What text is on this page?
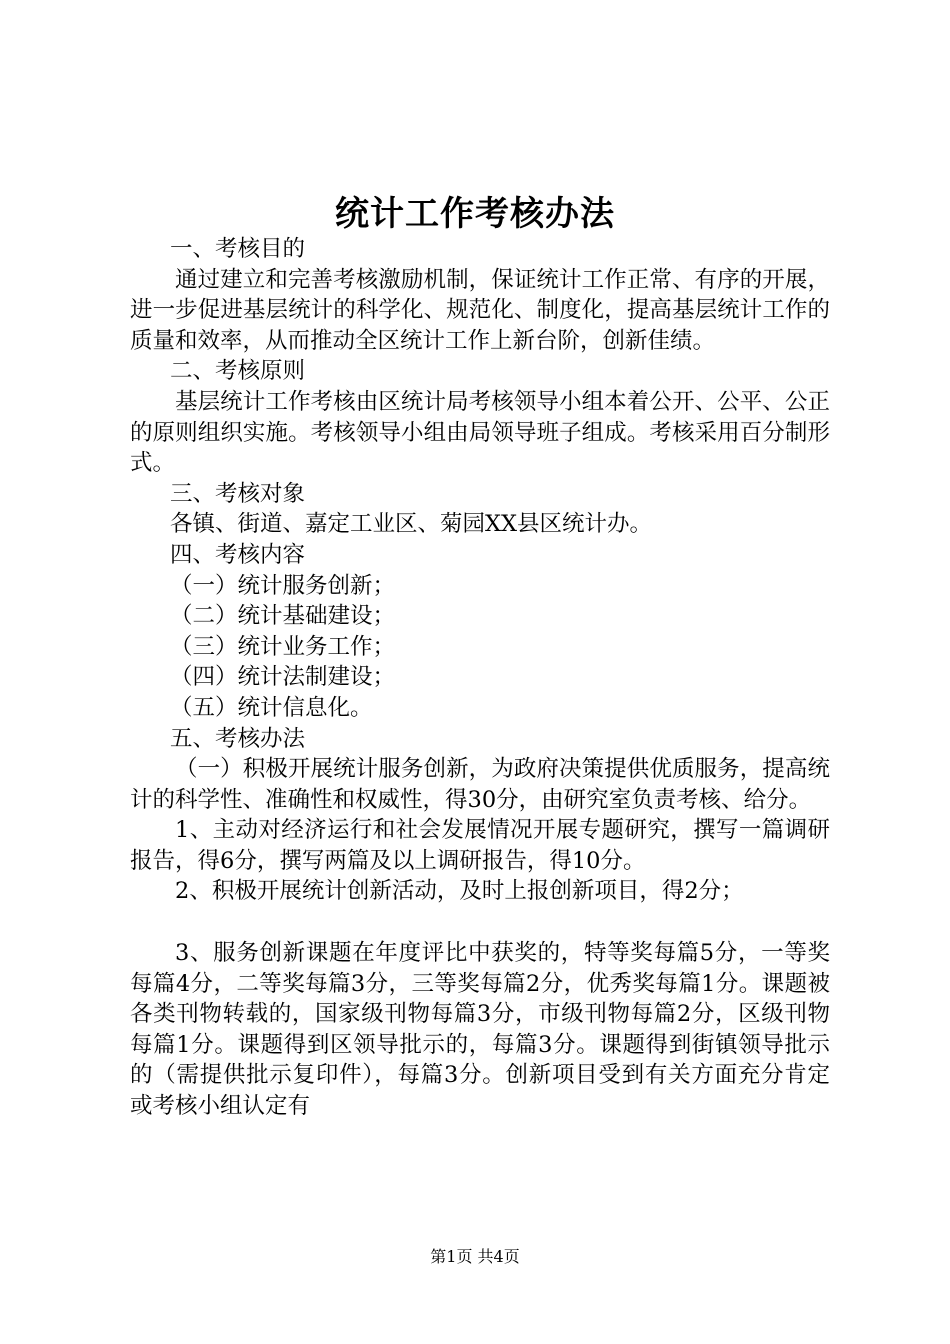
统计工作考核办法

一、考核目的

通过建立和完善考核激励机制，保证统计工作正常、有序的开展，进一步促进基层统计的科学化、规范化、制度化，提高基层统计工作的质量和效率，从而推动全区统计工作上新台阶，创新佳绩。

二、考核原则

基层统计工作考核由区统计局考核领导小组本着公开、公平、公正的原则组织实施。考核领导小组由局领导班子组成。考核采用百分制形式。

三、考核对象

各镇、街道、嘉定工业区、菊园XX县区统计办。

四、考核内容

（一）统计服务创新；

（二）统计基础建设；

（三）统计业务工作；

（四）统计法制建设；

（五）统计信息化。

五、考核办法

（一）积极开展统计服务创新，为政府决策提供优质服务，提高统计的科学性、准确性和权威性，得30分，由研究室负责考核、给分。

1、主动对经济运行和社会发展情况开展专题研究，撰写一篇调研报告，得6分，撰写两篇及以上调研报告，得10分。

2、积极开展统计创新活动，及时上报创新项目，得2分；

3、服务创新课题在年度评比中获奖的，特等奖每篇5分，一等奖每篇4分，二等奖每篇3分，三等奖每篇2分，优秀奖每篇1分。课题被各类刊物转载的，国家级刊物每篇3分，市级刊物每篇2分，区级刊物每篇1分。课题得到区领导批示的，每篇3分。课题得到街镇领导批示的（需提供批示复印件），每篇3分。创新项目受到有关方面充分肯定或考核小组认定有

第1页 共4页
